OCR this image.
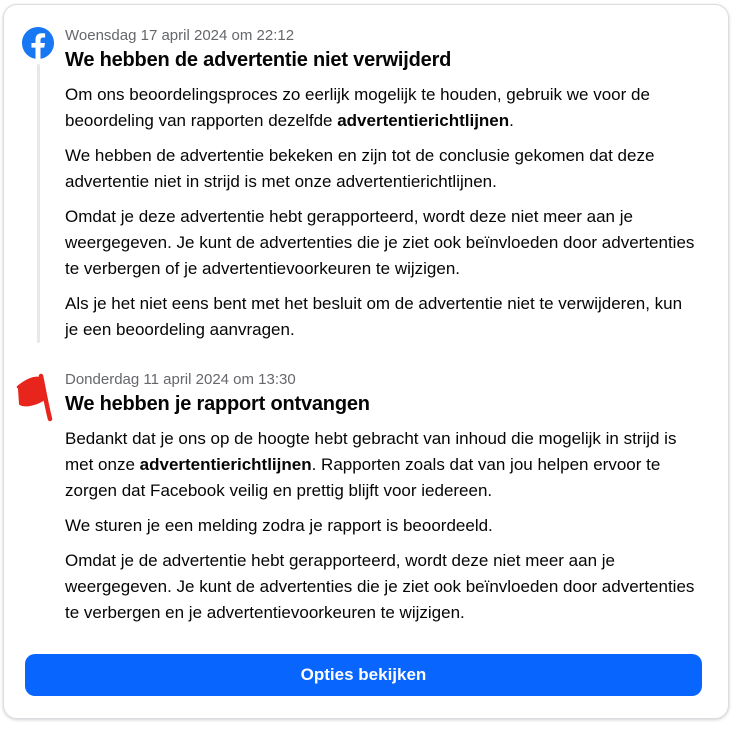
Woensdag 17 april 2024 om 22:12
We hebben de advertentie niet verwijderd

Om ons beoordelingsproces zo eerlijk mogelijk te houden, gebruik we voor de beoordeling van rapporten dezelfde advertentierichtlijnen.

We hebben de advertentie bekeken en zijn tot de conclusie gekomen dat deze advertentie niet in strijd is met onze advertentierichtlijnen.

Omdat je deze advertentie hebt gerapporteerd, wordt deze niet meer aan je weergegeven. Je kunt de advertenties die je ziet ook beïnvloeden door advertenties te verbergen of je advertentievoorkeuren te wijzigen.

Als je het niet eens bent met het besluit om de advertentie niet te verwijderen, kun je een beoordeling aanvragen.

Donderdag 11 april 2024 om 13:30
We hebben je rapport ontvangen

Bedankt dat je ons op de hoogte hebt gebracht van inhoud die mogelijk in strijd is met onze advertentierichtlijnen. Rapporten zoals dat van jou helpen ervoor te zorgen dat Facebook veilig en prettig blijft voor iedereen.

We sturen je een melding zodra je rapport is beoordeeld.

Omdat je de advertentie hebt gerapporteerd, wordt deze niet meer aan je weergegeven. Je kunt de advertenties die je ziet ook beïnvloeden door advertenties te verbergen en je advertentievoorkeuren te wijzigen.

Opties bekijken
